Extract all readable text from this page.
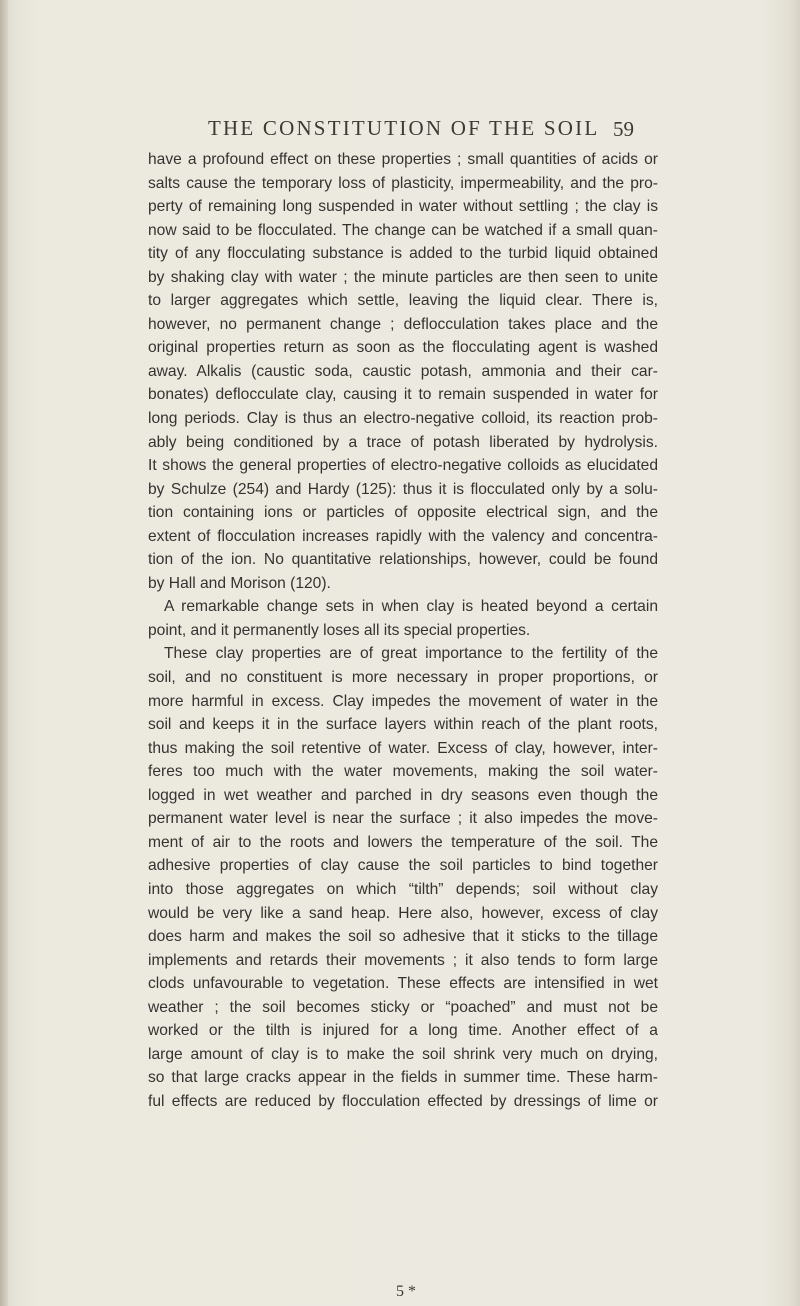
THE CONSTITUTION OF THE SOIL 59
have a profound effect on these properties ; small quantities of acids or
salts cause the temporary loss of plasticity, impermeability, and the pro-
perty of remaining long suspended in water without settling ; the clay is
now said to be flocculated. The change can be watched if a small quan-
tity of any flocculating substance is added to the turbid liquid obtained
by shaking clay with water ; the minute particles are then seen to unite
to larger aggregates which settle, leaving the liquid clear. There is,
however, no permanent change ; deflocculation takes place and the
original properties return as soon as the flocculating agent is washed
away. Alkalis (caustic soda, caustic potash, ammonia and their car-
bonates) deflocculate clay, causing it to remain suspended in water for
long periods. Clay is thus an electro-negative colloid, its reaction prob-
ably being conditioned by a trace of potash liberated by hydrolysis.
It shows the general properties of electro-negative colloids as elucidated
by Schulze (254) and Hardy (125): thus it is flocculated only by a solu-
tion containing ions or particles of opposite electrical sign, and the
extent of flocculation increases rapidly with the valency and concentra-
tion of the ion. No quantitative relationships, however, could be found
by Hall and Morison (120).
A remarkable change sets in when clay is heated beyond a certain
point, and it permanently loses all its special properties.
These clay properties are of great importance to the fertility of the
soil, and no constituent is more necessary in proper proportions, or
more harmful in excess. Clay impedes the movement of water in the
soil and keeps it in the surface layers within reach of the plant roots,
thus making the soil retentive of water. Excess of clay, however, inter-
feres too much with the water movements, making the soil water-
logged in wet weather and parched in dry seasons even though the
permanent water level is near the surface ; it also impedes the move-
ment of air to the roots and lowers the temperature of the soil. The
adhesive properties of clay cause the soil particles to bind together
into those aggregates on which “tilth” depends; soil without clay
would be very like a sand heap. Here also, however, excess of clay
does harm and makes the soil so adhesive that it sticks to the tillage
implements and retards their movements ; it also tends to form large
clods unfavourable to vegetation. These effects are intensified in wet
weather ; the soil becomes sticky or “poached” and must not be
worked or the tilth is injured for a long time. Another effect of a
large amount of clay is to make the soil shrink very much on drying,
so that large cracks appear in the fields in summer time. These harm-
ful effects are reduced by flocculation effected by dressings of lime or
5 *
